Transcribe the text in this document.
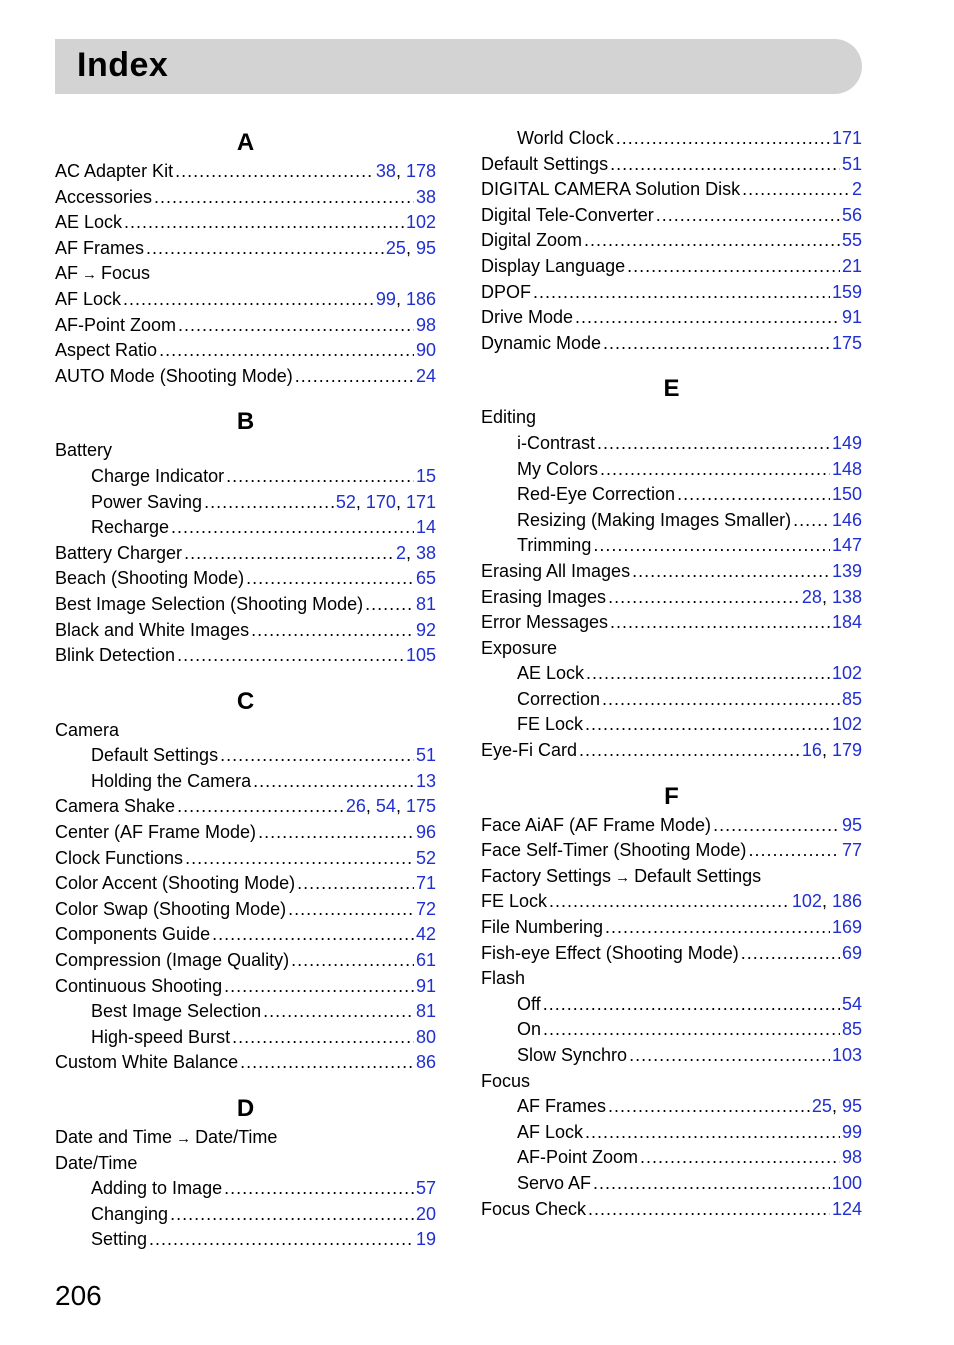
Index
A
AC Adapter Kit .....	38, 178
Accessories .....	38
AE Lock .....	102
AF Frames .....	25, 95
AF → Focus
AF Lock .....	99, 186
AF-Point Zoom .....	98
Aspect Ratio .....	90
AUTO Mode (Shooting Mode) .....	24
B
Battery
Charge Indicator .....	15
Power Saving .....	52, 170, 171
Recharge .....	14
Battery Charger .....	2, 38
Beach (Shooting Mode) .....	65
Best Image Selection (Shooting Mode) .....	81
Black and White Images .....	92
Blink Detection .....	105
C
Camera
Default Settings .....	51
Holding the Camera .....	13
Camera Shake .....	26, 54, 175
Center (AF Frame Mode) .....	96
Clock Functions .....	52
Color Accent (Shooting Mode) .....	71
Color Swap (Shooting Mode) .....	72
Components Guide .....	42
Compression (Image Quality) .....	61
Continuous Shooting .....	91
Best Image Selection .....	81
High-speed Burst .....	80
Custom White Balance .....	86
D
Date and Time → Date/Time
Date/Time
Adding to Image .....	57
Changing .....	20
Setting .....	19
World Clock .....	171
Default Settings .....	51
DIGITAL CAMERA Solution Disk .....	2
Digital Tele-Converter .....	56
Digital Zoom .....	55
Display Language .....	21
DPOF .....	159
Drive Mode .....	91
Dynamic Mode .....	175
E
Editing
i-Contrast .....	149
My Colors .....	148
Red-Eye Correction .....	150
Resizing (Making Images Smaller) ..... 146
Trimming .....	147
Erasing All Images .....	139
Erasing Images .....	28, 138
Error Messages .....	184
Exposure
AE Lock .....	102
Correction .....	85
FE Lock .....	102
Eye-Fi Card .....	16, 179
F
Face AiAF (AF Frame Mode) .....	95
Face Self-Timer (Shooting Mode) .....	77
Factory Settings → Default Settings
FE Lock .....	102, 186
File Numbering .....	169
Fish-eye Effect (Shooting Mode) .....	69
Flash
Off .....	54
On .....	85
Slow Synchro .....	103
Focus
AF Frames .....	25, 95
AF Lock .....	99
AF-Point Zoom .....	98
Servo AF .....	100
Focus Check .....	124
206
